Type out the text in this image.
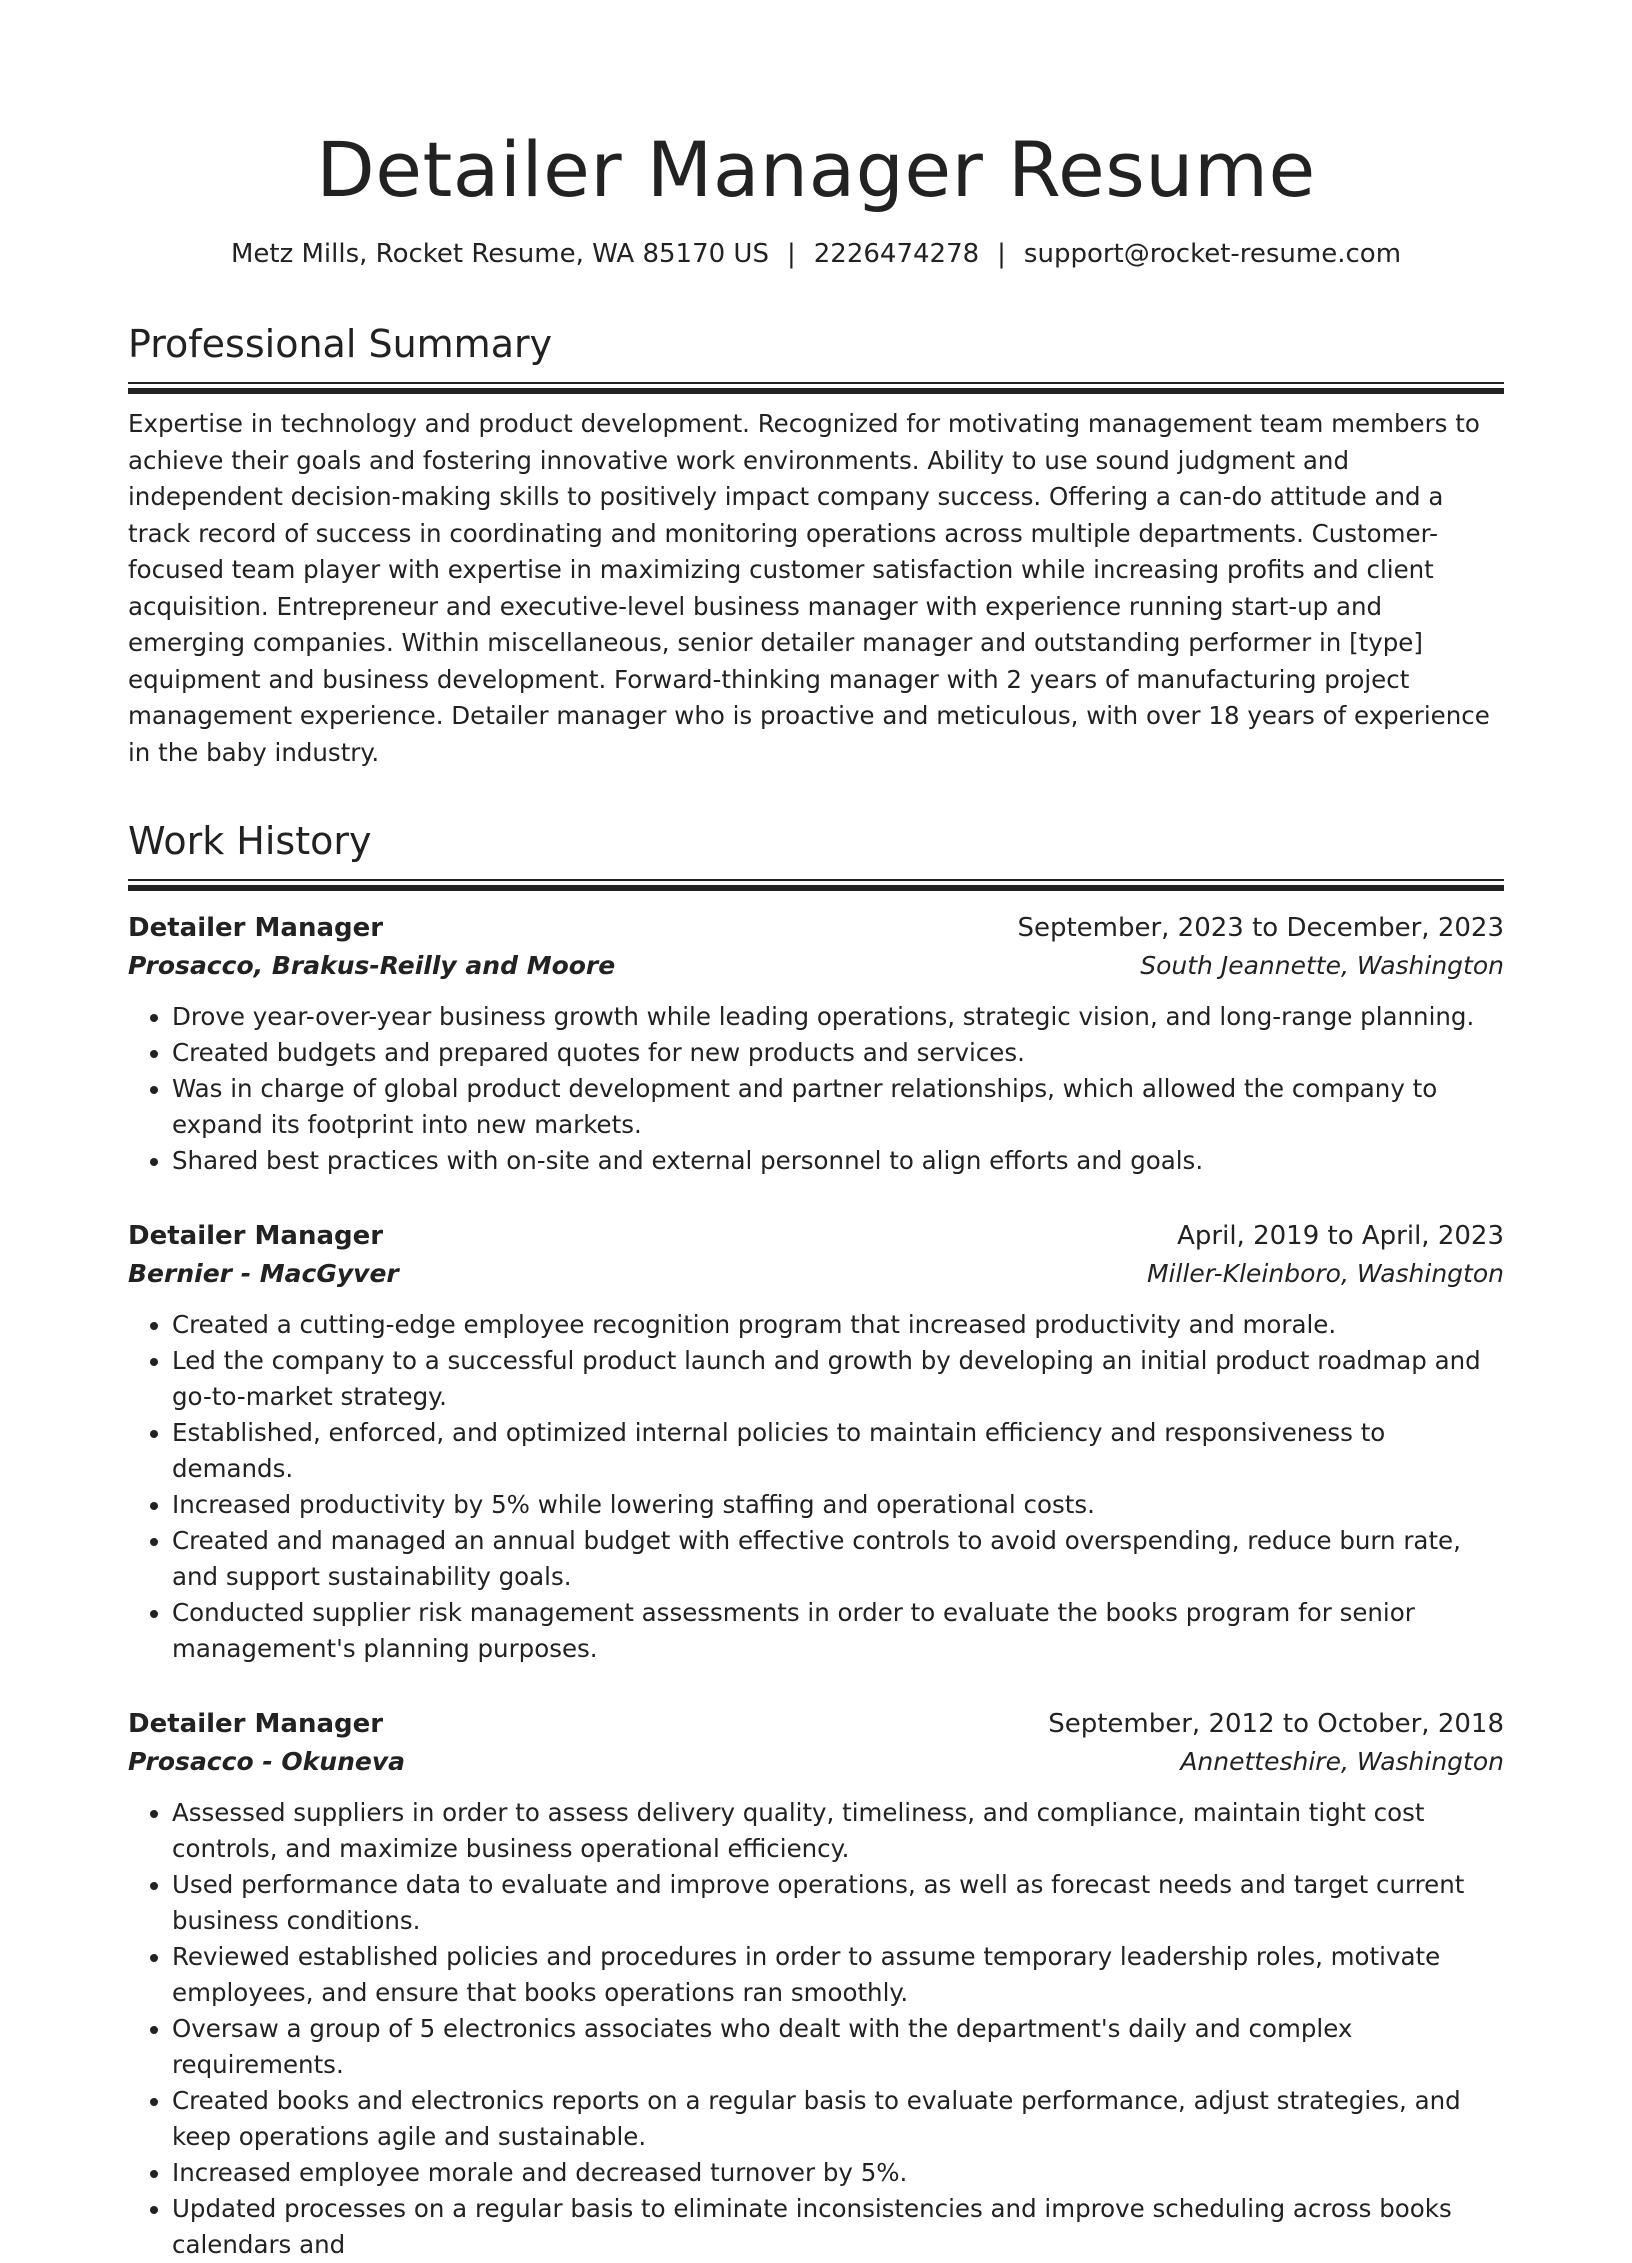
Detailer Manager Resume
Metz Mills, Rocket Resume, WA 85170 US | 2226474278 | support@rocket-resume.com
Professional Summary

Expertise in technology and product development. Recognized for motivating management team members to achieve their goals and fostering innovative work environments. Ability to use sound judgment and independent decision-making skills to positively impact company success. Offering a can-do attitude and a track record of success in coordinating and monitoring operations across multiple departments. Customer-focused team player with expertise in maximizing customer satisfaction while increasing profits and client acquisition. Entrepreneur and executive-level business manager with experience running start-up and emerging companies. Within miscellaneous, senior detailer manager and outstanding performer in [type] equipment and business development. Forward-thinking manager with 2 years of manufacturing project management experience. Detailer manager who is proactive and meticulous, with over 18 years of experience in the baby industry.

Work History
Detailer Manager	September, 2023 to December, 2023
Prosacco, Brakus-Reilly and Moore	South Jeannette, Washington
• Drove year-over-year business growth while leading operations, strategic vision, and long-range planning.
• Created budgets and prepared quotes for new products and services.
• Was in charge of global product development and partner relationships, which allowed the company to expand its footprint into new markets.
• Shared best practices with on-site and external personnel to align efforts and goals.
Detailer Manager	April, 2019 to April, 2023
Bernier - MacGyver	Miller-Kleinboro, Washington
• Created a cutting-edge employee recognition program that increased productivity and morale.
• Led the company to a successful product launch and growth by developing an initial product roadmap and go-to-market strategy.
• Established, enforced, and optimized internal policies to maintain efficiency and responsiveness to demands.
• Increased productivity by 5% while lowering staffing and operational costs.
• Created and managed an annual budget with effective controls to avoid overspending, reduce burn rate, and support sustainability goals.
• Conducted supplier risk management assessments in order to evaluate the books program for senior management's planning purposes.
Detailer Manager	September, 2012 to October, 2018
Prosacco - Okuneva	Annetteshire, Washington
• Assessed suppliers in order to assess delivery quality, timeliness, and compliance, maintain tight cost controls, and maximize business operational efficiency.
• Used performance data to evaluate and improve operations, as well as forecast needs and target current business conditions.
• Reviewed established policies and procedures in order to assume temporary leadership roles, motivate employees, and ensure that books operations ran smoothly.
• Oversaw a group of 5 electronics associates who dealt with the department's daily and complex requirements.
• Created books and electronics reports on a regular basis to evaluate performance, adjust strategies, and keep operations agile and sustainable.
• Increased employee morale and decreased turnover by 5%.
• Updated processes on a regular basis to eliminate inconsistencies and improve scheduling across books calendars and
